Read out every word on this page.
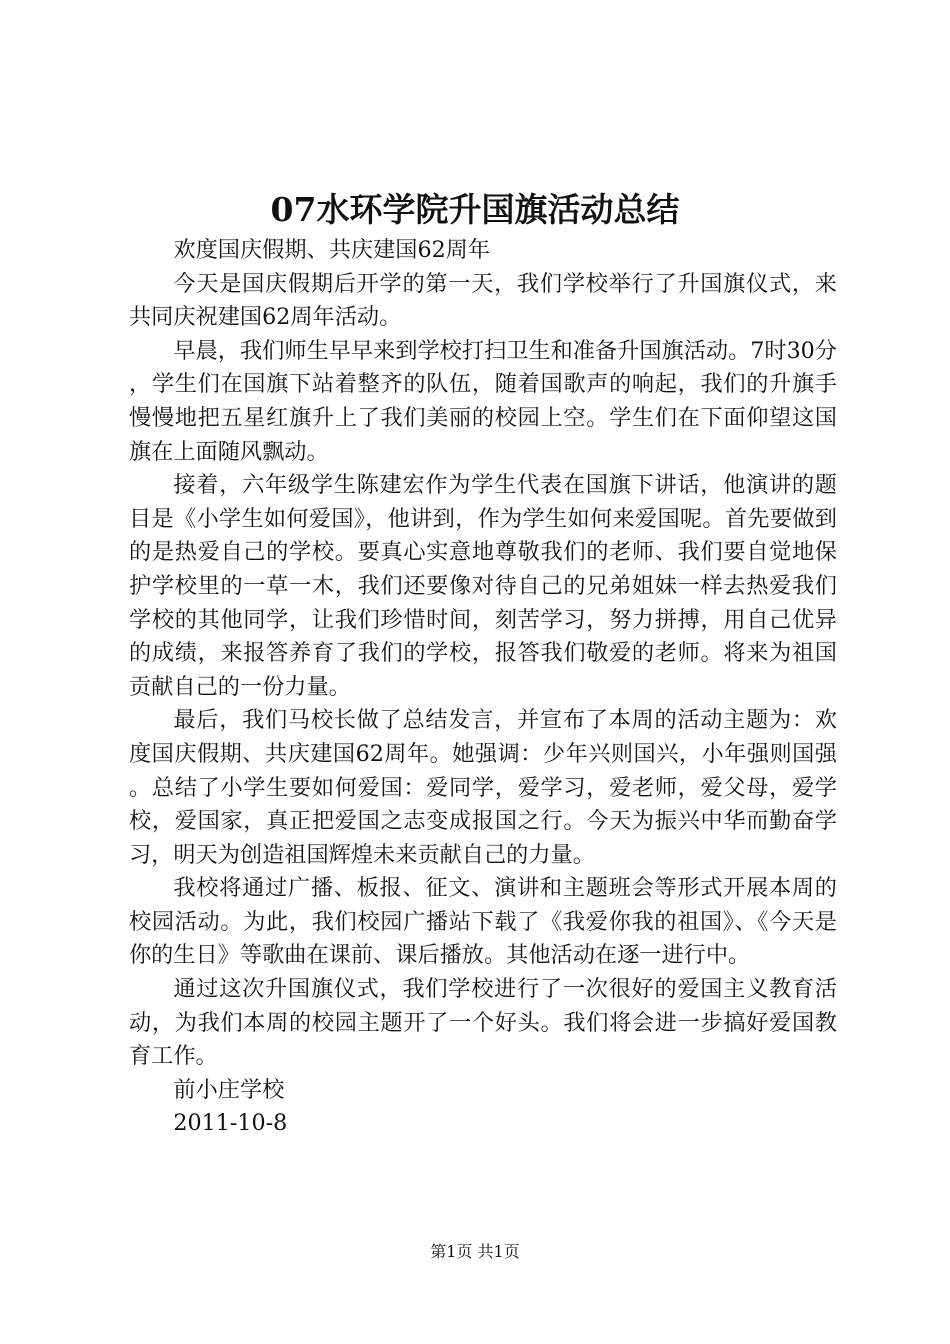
07水环学院升国旗活动总结

欢度国庆假期、共庆建国62周年

今天是国庆假期后开学的第一天，我们学校举行了升国旗仪式，来共同庆祝建国62周年活动。

早晨，我们师生早早来到学校打扫卫生和准备升国旗活动。7时30分，学生们在国旗下站着整齐的队伍，随着国歌声的响起，我们的升旗手慢慢地把五星红旗升上了我们美丽的校园上空。学生们在下面仰望这国旗在上面随风飘动。

接着，六年级学生陈建宏作为学生代表在国旗下讲话，他演讲的题目是《小学生如何爱国》，他讲到，作为学生如何来爱国呢。首先要做到的是热爱自己的学校。要真心实意地尊敬我们的老师、我们要自觉地保护学校里的一草一木，我们还要像对待自己的兄弟姐妹一样去热爱我们学校的其他同学，让我们珍惜时间，刻苦学习，努力拼搏，用自己优异的成绩，来报答养育了我们的学校，报答我们敬爱的老师。将来为祖国贡献自己的一份力量。

最后，我们马校长做了总结发言，并宣布了本周的活动主题为：欢度国庆假期、共庆建国62周年。她强调：少年兴则国兴，小年强则国强。总结了小学生要如何爱国：爱同学，爱学习，爱老师，爱父母，爱学校，爱国家，真正把爱国之志变成报国之行。今天为振兴中华而勤奋学习，明天为创造祖国辉煌未来贡献自己的力量。

我校将通过广播、板报、征文、演讲和主题班会等形式开展本周的校园活动。为此，我们校园广播站下载了《我爱你我的祖国》、《今天是你的生日》等歌曲在课前、课后播放。其他活动在逐一进行中。

通过这次升国旗仪式，我们学校进行了一次很好的爱国主义教育活动，为我们本周的校园主题开了一个好头。我们将会进一步搞好爱国教育工作。

前小庄学校

2011-10-8

第1页 共1页
